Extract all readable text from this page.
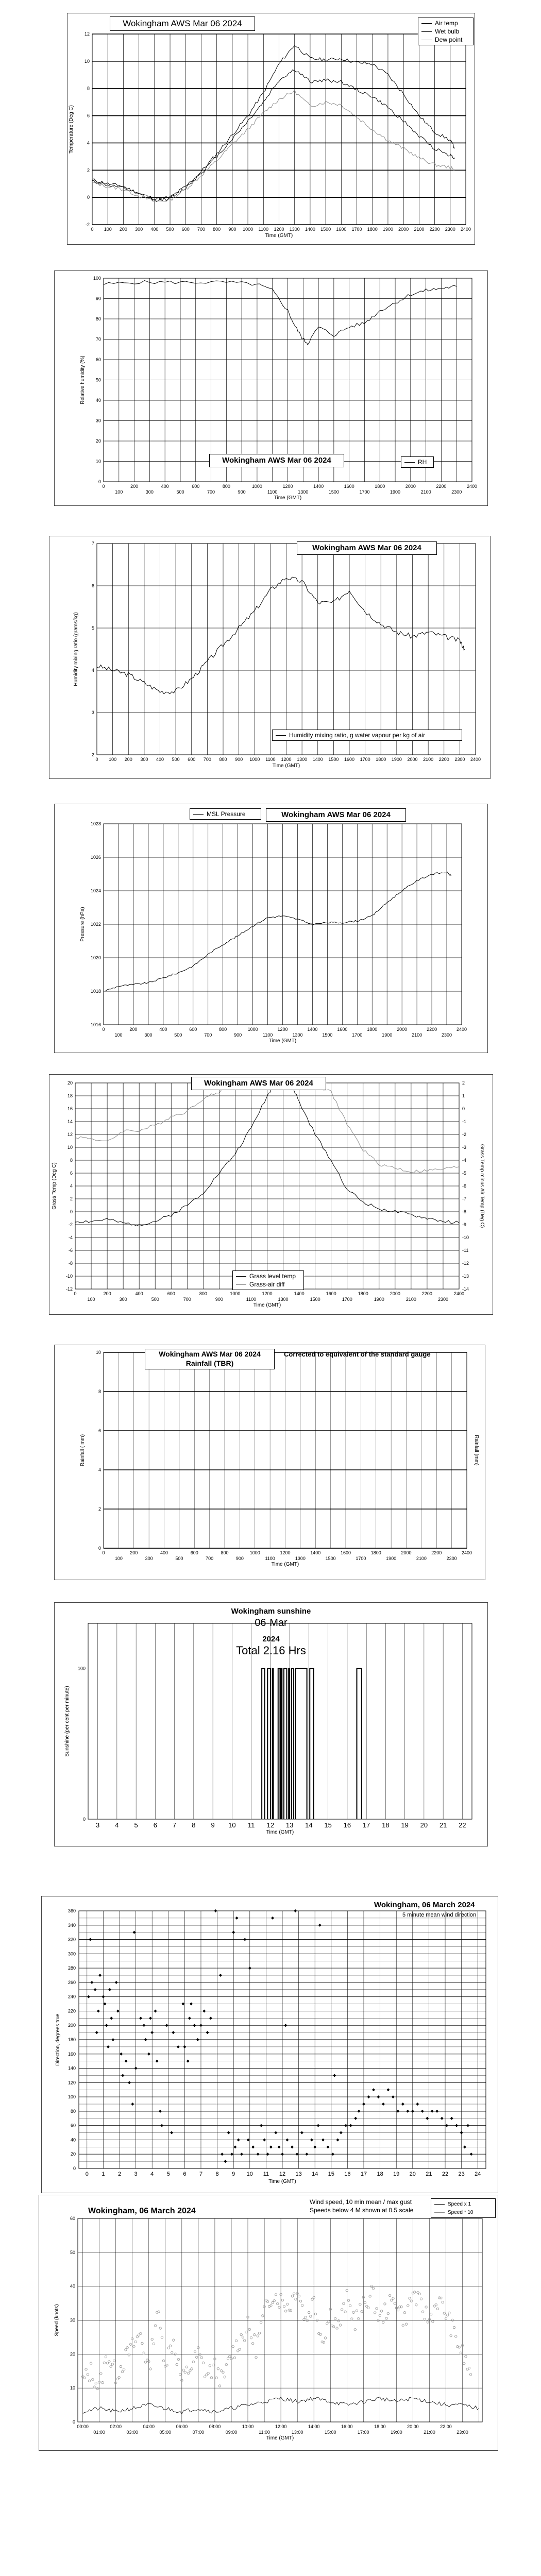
-2
0
2
4
6
8
10
12
0 100 200 300 400 500 600 700 800 900 1000 1100 1200 1300 1400 1500 1600 1700 1800 1900 2000 2100 2200 2300 2400
Time (GMT)
Temperature (Deg C)
Wokingham AWS Mar 06 2024	Air temp
Wet bulb
Dew point
0
10
20
30
40
50
60
70
80
90
100
0	200	400	600	800	1000	1200	1400	1600	1800	2000	2200	2400
100	300	500	700	900	1100	1300	1500	1700	1900	2100	2300
Time (GMT)
Relative humidity (%)
Wokingham AWS Mar 06 2024	RH
2
3
4
5
6
7
0 100 200 300 400 500 600 700 800 900 1000 1100 1200 1300 1400 1500 1600 1700 1800 1900 2000 2100 2200 2300 2400
Time (GMT)
Humidity mixing ratio (grams/kg)
Wokingham AWS Mar 06 2024
Humidity mixing ratio, g water vapour per kg of air
1016
1018
1020
1022
1024
1026
1028
0	200	400	600	800	1000	1200	1400	1600	1800	2000	2200	2400
100	300	500	700	900	1100	1300	1500	1700	1900	2100	2300
Time (GMT)
Pressure (hPa)
MSL Pressure	Wokingham AWS Mar 06 2024
-12
-10
-8
-6
-4
-2
0
2
4
6
8
10
12
14
16
18
20
-14
-13
-12
-11
-10
-9
-8
-7
-6
-5
-4
-3
-2
-1
0
1
2
0	200	400	600	800	1000	1200	1400	1600	1800	2000	2200	2400
100	300	500	700	900	1100	1300	1500	1700	1900	2100	2300
Time (GMT)
Grass Temp (Deg C)	Grass Temp minus Air Temp (Deg C)
Wokingham AWS Mar 06 2024
Grass level temp
Grass-air diff
0
2
4
6
8
10
0	200	400	600	800	1000	1200	1400	1600	1800	2000	2200	2400
100	300	500	700	900	1100	1300	1500	1700	1900	2100	2300
Time (GMT)
Rainfall ( mm)	Rainfall (mm)
Wokingham AWS Mar 06 2024
Rainfall (TBR)
Corrected to equivalent of the standard gauge
3 4 5 6 7 8 9 10 11 12 13 14 15 16 17 18 19 20 21 22
0
100
Time (GMT)
Sunshine (per cent per minute)
Wokingham sunshine
06-Mar
2024
Total 2.16 Hrs
0 1 2 3 4 5 6 7 8 9 10 11 12 13 14 15 16 17 18 19 20 21 22 23 24
0
20
40
60
80
100
120
140
160
180
200
220
240
260
280
300
320
340
360
Time (GMT)
Direction, degrees true
Wokingham, 06 March 2024
5 minute mean wind direction
0
10
20
30
40
50
60
00:00	02:00	04:00	06:00	08:00	10:00	12:00	14:00	16:00	18:00	20:00	22:00
01:00	03:00	05:00	07:00	09:00	11:00	13:00	15:00	17:00	19:00	21:00	23:00
Time (GMT)
Speed (knots)
Wokingham, 06 March 2024
Wind speed, 10 min mean / max gust
Speeds below 4 M shown at 0.5 scale
Speed x 1
Speed * 10
